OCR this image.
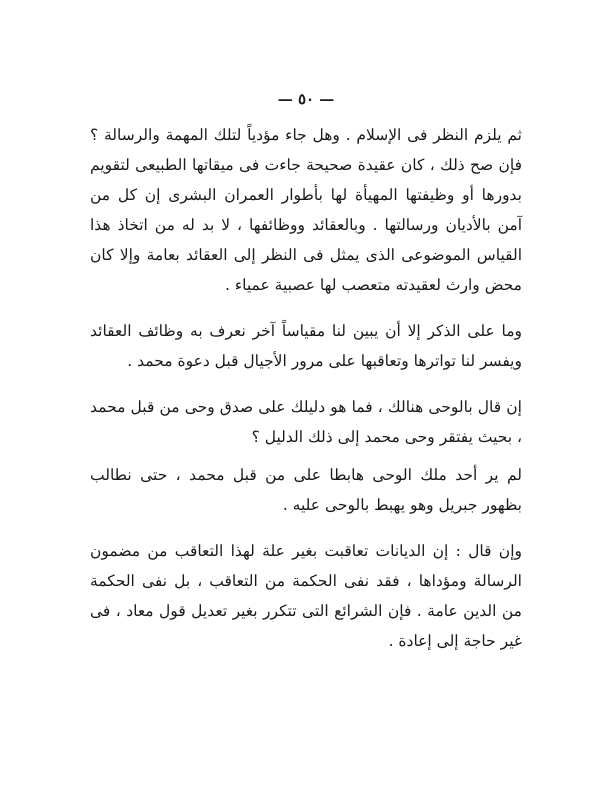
— ٥٠ —

ثم يلزم النظر فى الإسلام . وهل جاء مؤدياً لتلك المهمة والرسالة ؟ فإن صح ذلك ، كان عقيدة صحيحة جاءت فى ميقاتها الطبيعى لتقويم بدورها أو وظيفتها المهيأة لها بأطوار العمران البشرى إن كل من آمن بالأديان ورسالتها . وبالعقائد ووظائفها ، لا بد له من اتخاذ هذا القياس الموضوعى الذى يمثل فى النظر إلى العقائد بعامة وإلا كان محض وارث لعقيدته متعصب لها عصبية عمياء .

وما على الذكر إلا أن يبين لنا مقياساً آخر نعرف به وظائف العقائد ويفسر لنا تواترها وتعاقبها على مرور الأجيال قبل دعوة محمد .

إن قال بالوحى هنالك ، فما هو دليلك على صدق وحى من قبل محمد ، بحيث يفتقر وحى محمد إلى ذلك الدليل ؟

لم ير أحد ملك الوحى هابطا على من قبل محمد ، حتى نطالب بظهور جبريل وهو يهبط بالوحى عليه .

وإن قال : إن الديانات تعاقبت بغير علة لهذا التعاقب من مضمون الرسالة ومؤداها ، فقد نفى الحكمة من التعاقب ، بل نفى الحكمة من الدين عامة . فإن الشرائع التى تتكرر بغير تعديل قول معاد ، فى غير حاجة إلى إعادة .
